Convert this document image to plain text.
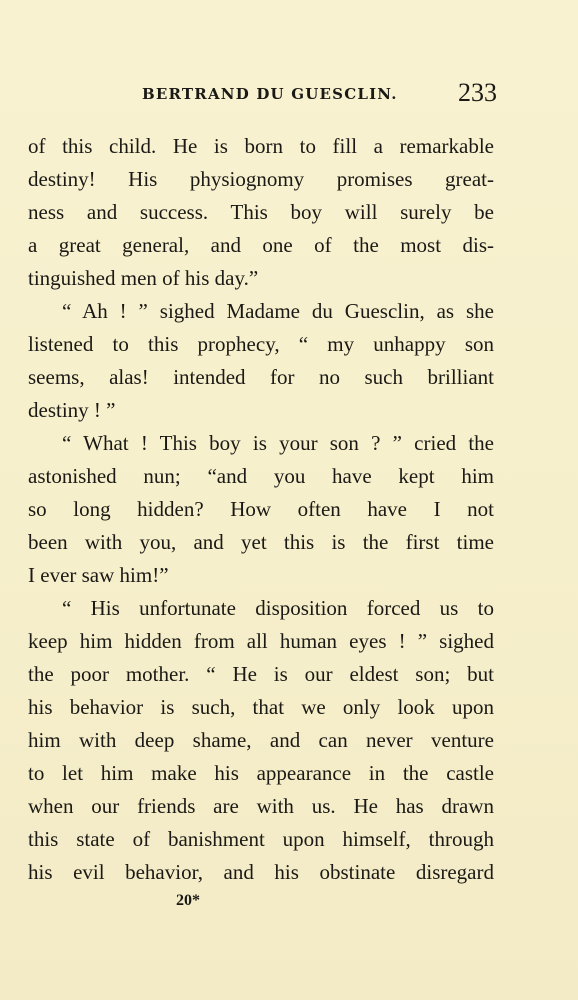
BERTRAND DU GUESCLIN. 233
of this child. He is born to fill a remarkable
destiny! His physiognomy promises great-
ness and success. This boy will surely be
a great general, and one of the most dis-
tinguished men of his day.”
“ Ah ! ” sighed Madame du Guesclin, as she
listened to this prophecy, “ my unhappy son
seems, alas! intended for no such brilliant
destiny ! ”
“ What ! This boy is your son ? ” cried the
astonished nun; “and you have kept him
so long hidden? How often have I not
been with you, and yet this is the first time
I ever saw him!”
“ His unfortunate disposition forced us to
keep him hidden from all human eyes ! ” sighed
the poor mother. “ He is our eldest son; but
his behavior is such, that we only look upon
him with deep shame, and can never venture
to let him make his appearance in the castle
when our friends are with us. He has drawn
this state of banishment upon himself, through
his evil behavior, and his obstinate disregard
20*
